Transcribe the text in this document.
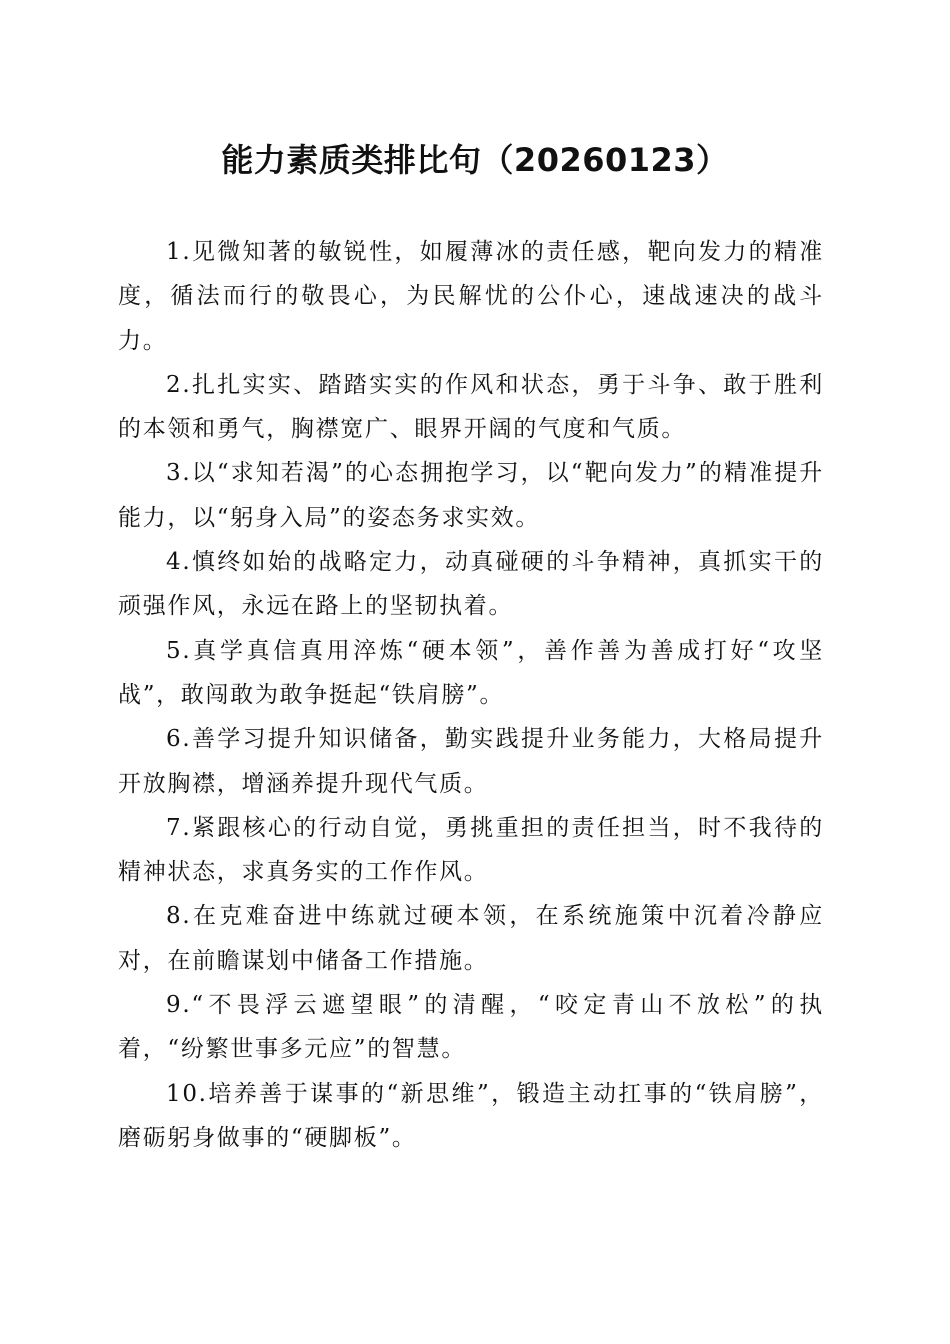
能力素质类排比句（20260123）

1.见微知著的敏锐性，如履薄冰的责任感，靶向发力的精准度，循法而行的敬畏心，为民解忧的公仆心，速战速决的战斗力。

2.扎扎实实、踏踏实实的作风和状态，勇于斗争、敢于胜利的本领和勇气，胸襟宽广、眼界开阔的气度和气质。

3.以“求知若渴”的心态拥抱学习，以“靶向发力”的精准提升能力，以“躬身入局”的姿态务求实效。

4.慎终如始的战略定力，动真碰硬的斗争精神，真抓实干的顽强作风，永远在路上的坚韧执着。

5.真学真信真用淬炼“硬本领”，善作善为善成打好“攻坚战”，敢闯敢为敢争挺起“铁肩膀”。

6.善学习提升知识储备，勤实践提升业务能力，大格局提升开放胸襟，增涵养提升现代气质。

7.紧跟核心的行动自觉，勇挑重担的责任担当，时不我待的精神状态，求真务实的工作作风。

8.在克难奋进中练就过硬本领，在系统施策中沉着冷静应对，在前瞻谋划中储备工作措施。

9.“不畏浮云遮望眼”的清醒，“咬定青山不放松”的执着，“纷繁世事多元应”的智慧。

10.培养善于谋事的“新思维”，锻造主动扛事的“铁肩膀”，磨砺躬身做事的“硬脚板”。
